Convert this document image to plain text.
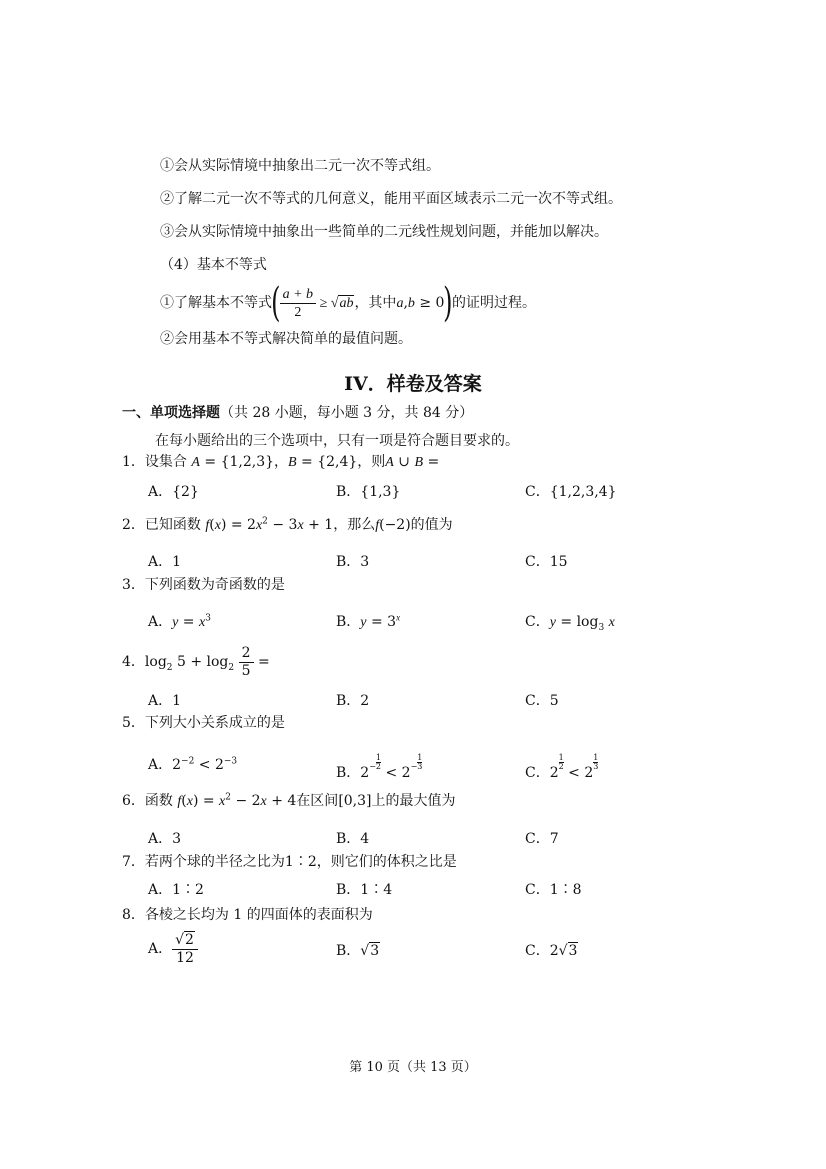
①会从实际情境中抽象出二元一次不等式组。
②了解二元一次不等式的几何意义，能用平面区域表示二元一次不等式组。
③会从实际情境中抽象出一些简单的二元线性规划问题，并能加以解决。
（4）基本不等式
①了解基本不等式( $\frac{a + b}{2} \ge √ab$，其中a,b ≥ 0)的证明过程。
②会用基本不等式解决简单的最值问题。
IV．样卷及答案
一、单项选择题（共 28 小题，每小题 3 分，共 84 分）
在每小题给出的三个选项中，只有一项是符合题目要求的。
1．设集合 A = {1,2,3}，B = {2,4}，则A ∪ B =
A．{2}	B．{1,3}	C．{1,2,3,4}
2．已知函数 $f(x) = 2x^2 - 3x + 1$，那么f(−2)的值为
A．1	B．3	C．15
3．下列函数为奇函数的是
A．$y = x^3$	B．$y = 3^x$	C．$y = \log_3 x$
4．$\log_2 5 + \log_2 \frac{2}{5}$ =
A．1	B．2	C．5
5．下列大小关系成立的是
A．$2^{-2} < 2^{-3}$
B．$2- \frac{1}{2}$
< $2- \frac{1}{3}$
C．2
$\frac{1}{2}$
< 2
$\frac{1}{3}$
6．函数 $f(x) = x^2 - 2x + 4$在区间[0,3]上的最大值为
A．3	B．4	C．7
7．若两个球的半径之比为1∶2，则它们的体积之比是
A．1∶2	B．1∶4	C．1∶8
8．各棱之长均为 1 的四面体的表面积为
A． $\frac{√2}{12}$	B．√3	C．2√3
第 10 页（共 13 页）
